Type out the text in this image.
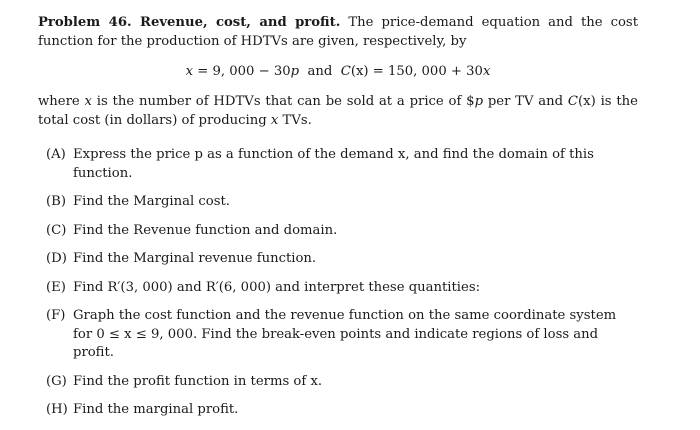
Problem 46. Revenue, cost, and profit. The price-demand equation and the cost function for the production of HDTVs are given, respectively, by

x = 9, 000 − 30p and C(x) = 150, 000 + 30x

where x is the number of HDTVs that can be sold at a price of $p per TV and C(x) is the total cost (in dollars) of producing x TVs.

(A) Express the price p as a function of the demand x, and find the domain of this function.
(B) Find the Marginal cost.
(C) Find the Revenue function and domain.
(D) Find the Marginal revenue function.
(E) Find R′(3, 000) and R′(6, 000) and interpret these quantities:
(F) Graph the cost function and the revenue function on the same coordinate system for 0 ≤ x ≤ 9, 000. Find the break-even points and indicate regions of loss and profit.
(G) Find the profit function in terms of x.
(H) Find the marginal profit.
